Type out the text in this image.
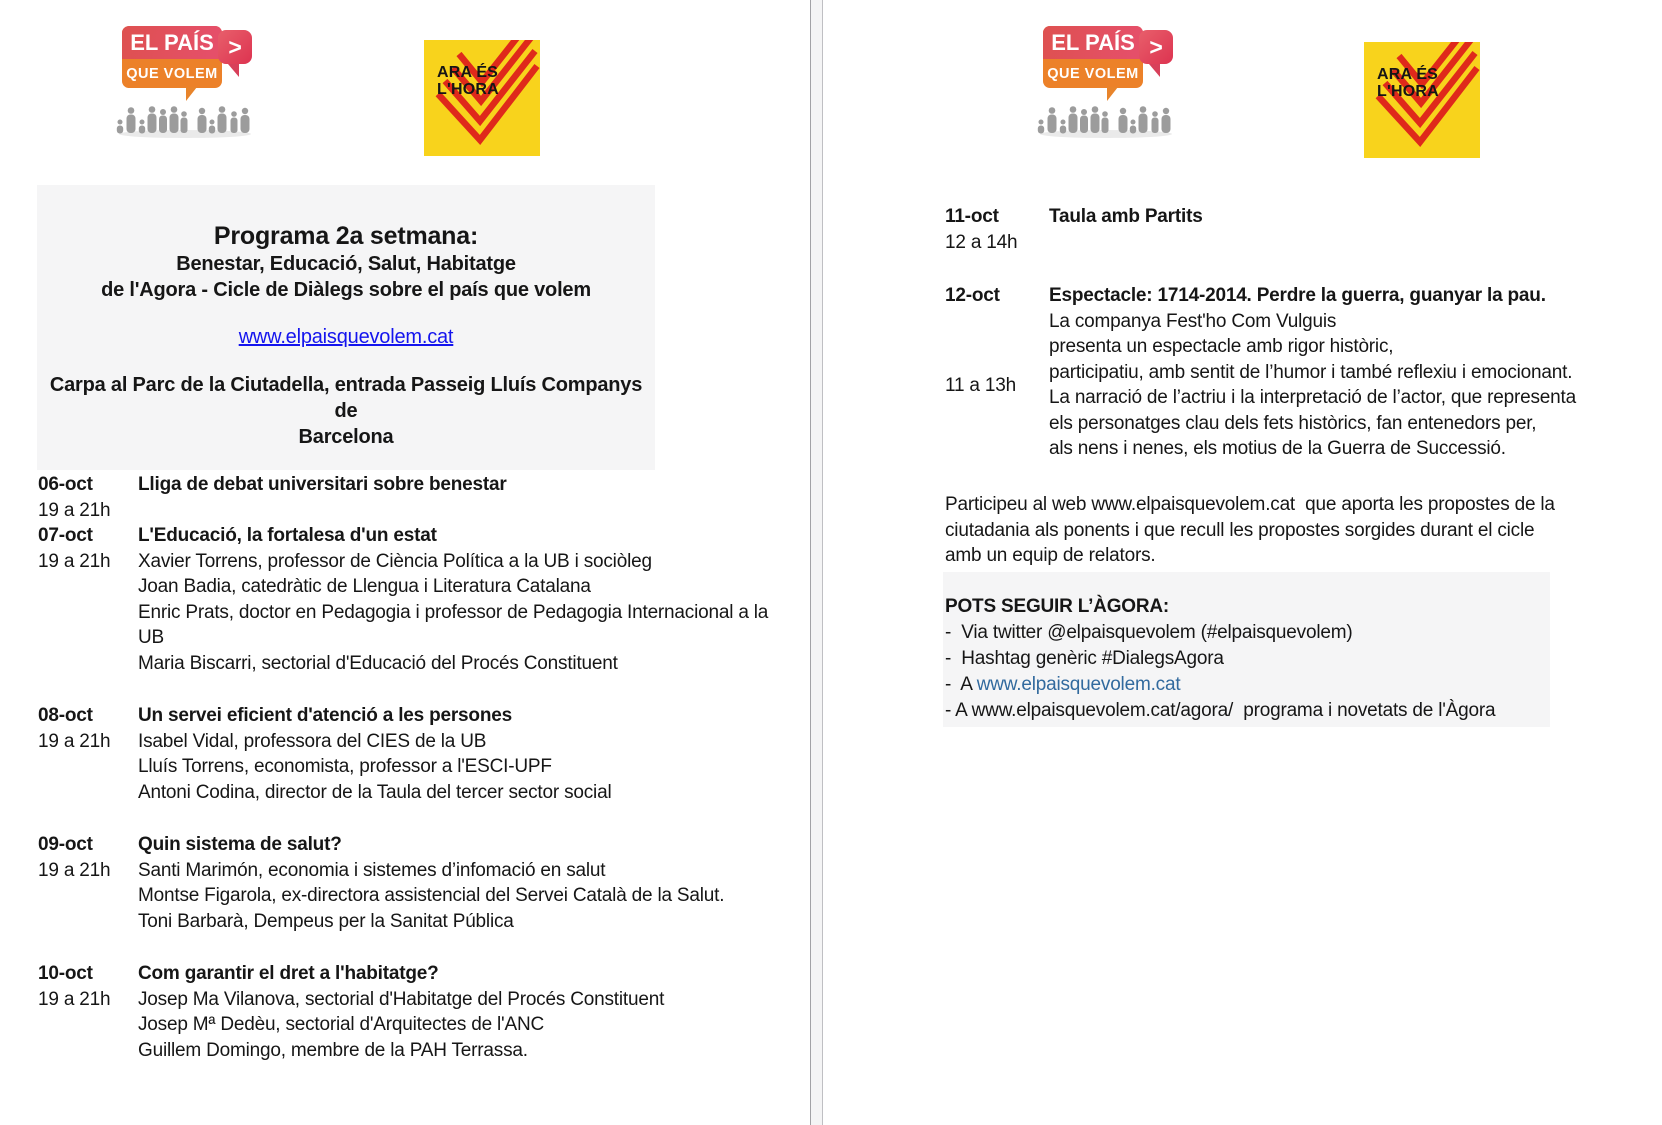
EL PAÍS
QUE VOLEM
>
ARA ÉS
L'HORA
Programa 2a setmana:
Benestar, Educació, Salut, Habitatge
de l'Agora - Cicle de Diàlegs sobre el país que volem
www.elpaisquevolem.cat
Carpa al Parc de la Ciutadella, entrada Passeig Lluís Companys de
Barcelona
06-oct
19 a 21h
Lliga de debat universitari sobre benestar
07-oct
19 a 21h
L'Educació, la fortalesa d'un estat
Xavier Torrens, professor de Ciència Política a la UB i sociòleg
Joan Badia, catedràtic de Llengua i Literatura Catalana
Enric Prats, doctor en Pedagogia i professor de Pedagogia Internacional a la
UB
Maria Biscarri, sectorial d'Educació del Procés Constituent
08-oct
19 a 21h
Un servei eficient d'atenció a les persones
Isabel Vidal, professora del CIES de la UB
Lluís Torrens, economista, professor a l'ESCI-UPF
Antoni Codina, director de la Taula del tercer sector social
09-oct
19 a 21h
Quin sistema de salut?
Santi Marimón, economia i sistemes d’infomació en salut
Montse Figarola, ex-directora assistencial del Servei Català de la Salut.
Toni Barbarà, Dempeus per la Sanitat Pública
10-oct
19 a 21h
Com garantir el dret a l'habitatge?
Josep Ma Vilanova, sectorial d'Habitatge del Procés Constituent
Josep Mª Dedèu, sectorial d'Arquitectes de l'ANC
Guillem Domingo, membre de la PAH Terrassa.
EL PAÍS
QUE VOLEM
>
ARA ÉS
L'HORA
11-oct
12 a 14h
Taula amb Partits
12-oct
11 a 13h
Espectacle: 1714-2014. Perdre la guerra, guanyar la pau.
La companya Fest'ho Com Vulguis
presenta un espectacle amb rigor històric,
participatiu, amb sentit de l’humor i també reflexiu i emocionant.
La narració de l’actriu i la interpretació de l’actor, que representa
els personatges clau dels fets històrics, fan entenedors per,
als nens i nenes, els motius de la Guerra de Successió.
Participeu al web www.elpaisquevolem.cat  que aporta les propostes de la
ciutadania als ponents i que recull les propostes sorgides durant el cicle
amb un equip de relators.
POTS SEGUIR L’ÀGORA:
-  Via twitter @elpaisquevolem (#elpaisquevolem)
-  Hashtag genèric #DialegsAgora
-  A www.elpaisquevolem.cat
- A www.elpaisquevolem.cat/agora/  programa i novetats de l'Àgora
